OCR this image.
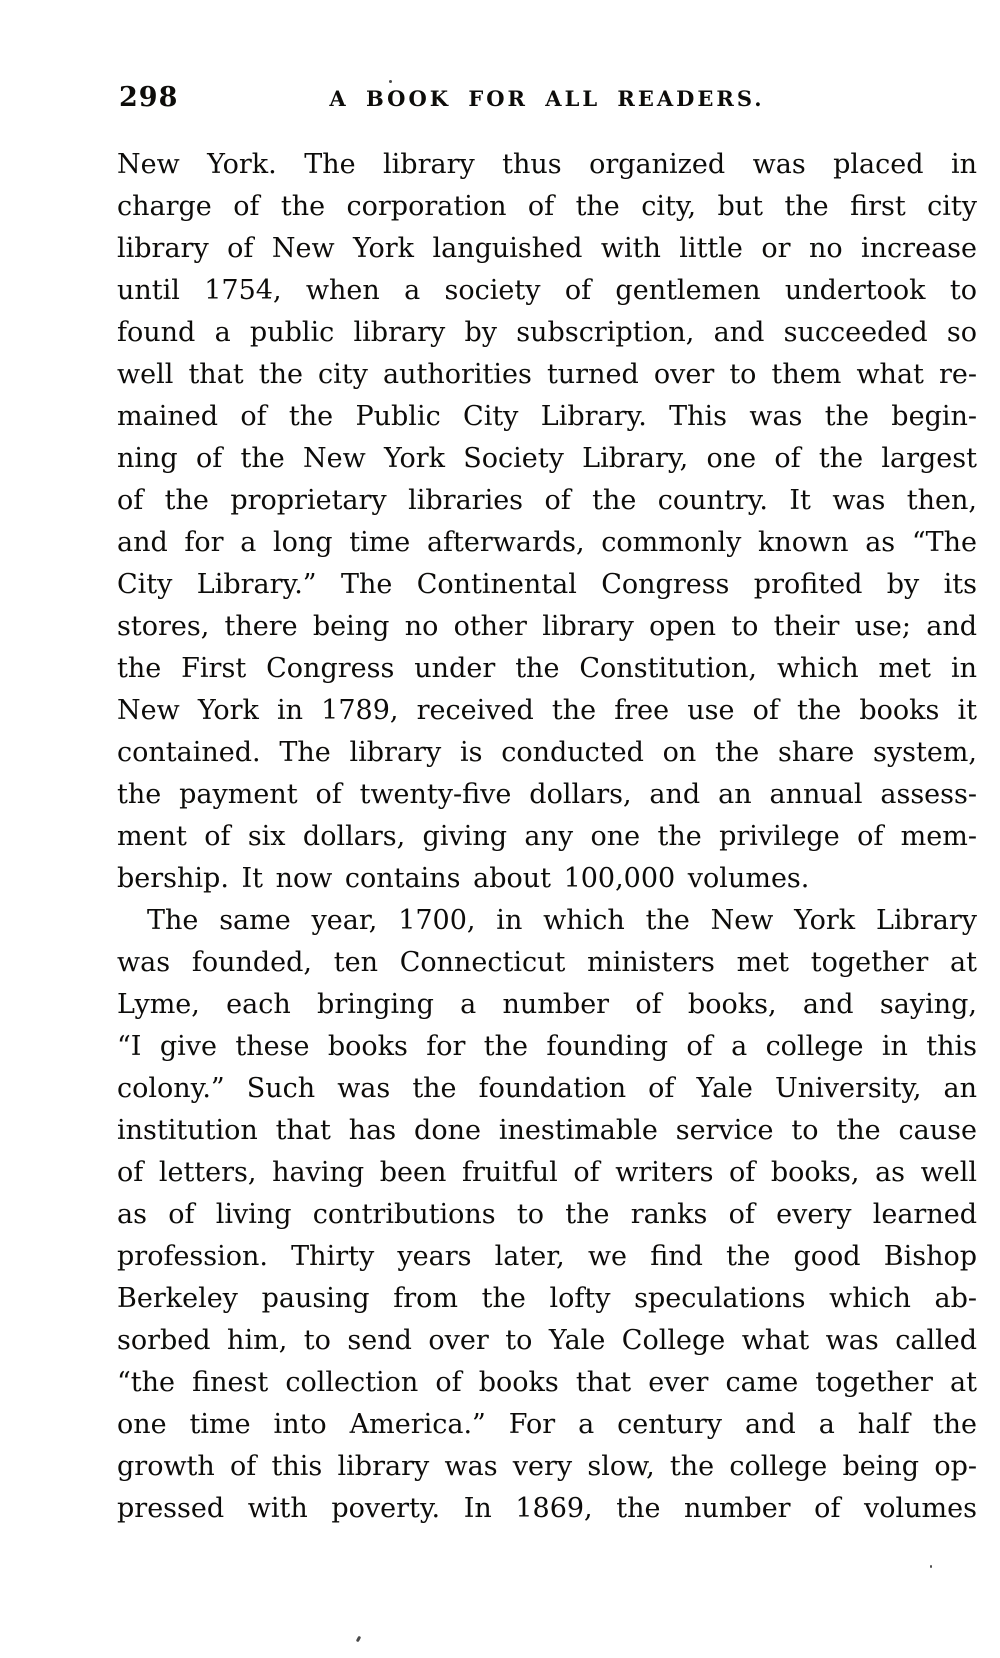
298	A BOOK FOR ALL READERS.
New York. The library thus organized was placed in
charge of the corporation of the city, but the first city
library of New York languished with little or no increase
until 1754, when a society of gentlemen undertook to
found a public library by subscription, and succeeded so
well that the city authorities turned over to them what re-
mained of the Public City Library. This was the begin-
ning of the New York Society Library, one of the largest
of the proprietary libraries of the country. It was then,
and for a long time afterwards, commonly known as “The
City Library.” The Continental Congress profited by its
stores, there being no other library open to their use; and
the First Congress under the Constitution, which met in
New York in 1789, received the free use of the books it
contained. The library is conducted on the share system,
the payment of twenty-five dollars, and an annual assess-
ment of six dollars, giving any one the privilege of mem-
bership. It now contains about 100,000 volumes.
The same year, 1700, in which the New York Library
was founded, ten Connecticut ministers met together at
Lyme, each bringing a number of books, and saying,
“I give these books for the founding of a college in this
colony.” Such was the foundation of Yale University, an
institution that has done inestimable service to the cause
of letters, having been fruitful of writers of books, as well
as of living contributions to the ranks of every learned
profession. Thirty years later, we find the good Bishop
Berkeley pausing from the lofty speculations which ab-
sorbed him, to send over to Yale College what was called
“the finest collection of books that ever came together at
one time into America.” For a century and a half the
growth of this library was very slow, the college being op-
pressed with poverty. In 1869, the number of volumes
